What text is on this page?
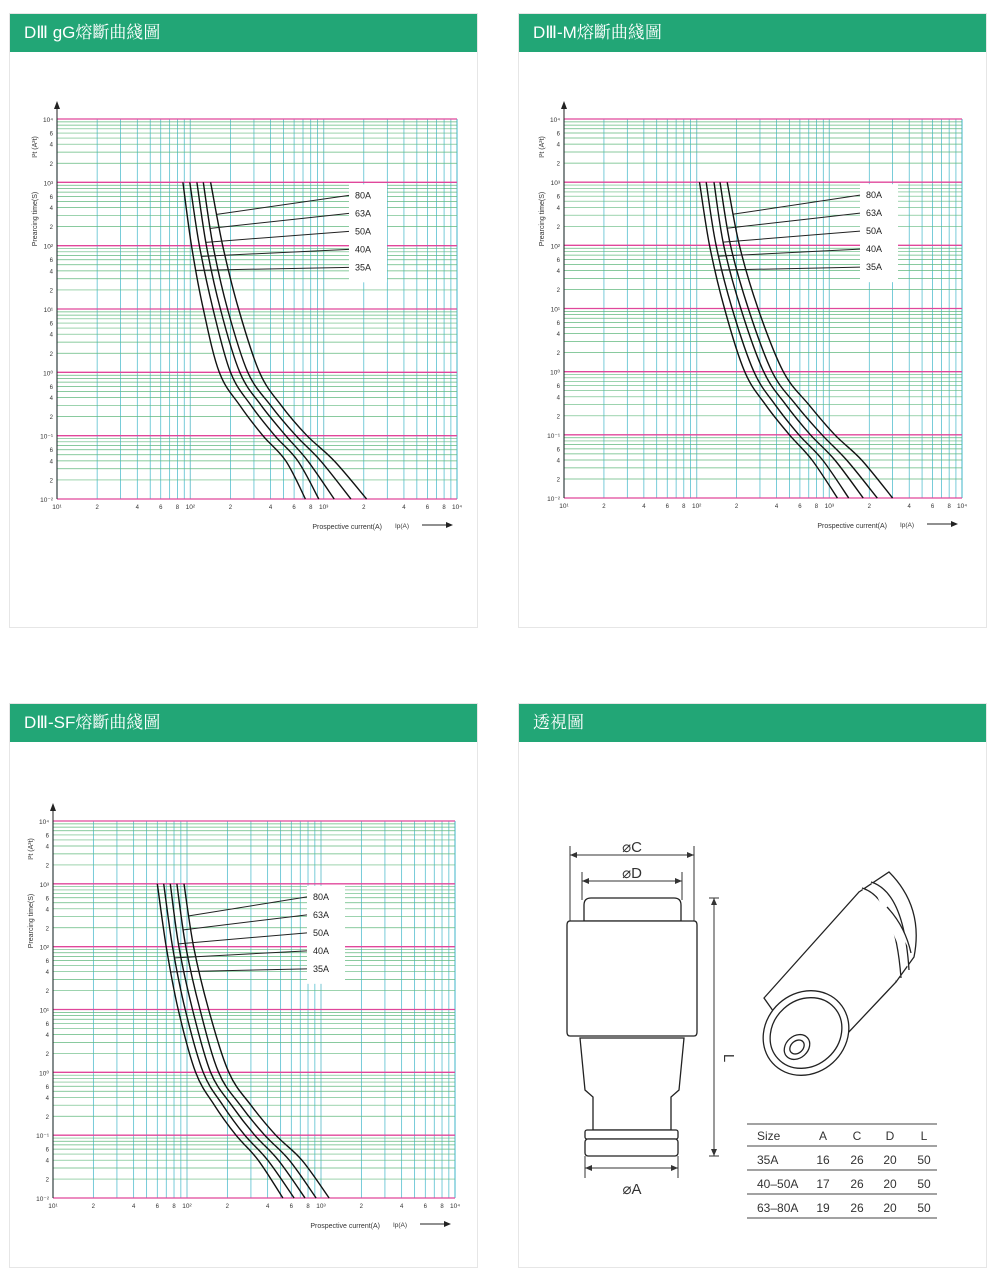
DⅢ gG熔斷曲綫圖
10⁻²
2
4
6
10⁻¹
2
4
6
10⁰
2
4
6
10¹
2
4
6
10²
2
4
6
10³
2
4
6
10⁴
10¹	2	4	6 8 10²	2	4	6 8 10³	2	4	6 8 10⁴
Prearcing time(S)
I²t (A²t)
Prospective current(A) Ip(A)
80A
63A
50A
40A
35A
DⅢ-M熔斷曲綫圖
10⁻²
2
4
6
10⁻¹
2
4
6
10⁰
2
4
6
10¹
2
4
6
10²
2
4
6
10³
2
4
6
10⁴
10¹	2	4	6 8 10²	2	4	6 8 10³	2	4	6 8 10⁴
Prearcing time(S)
I²t (A²t)
Prospective current(A) Ip(A)
80A
63A
50A
40A
35A
DⅢ-SF熔斷曲綫圖
10⁻²
2
4
6
10⁻¹
2
4
6
10⁰
2
4
6
10¹
2
4
6
10²
2
4
6
10³
2
4
6
10⁴
10¹	2	4	6 8 10²	2	4	6 8 10³	2	4	6 8 10⁴
Prearcing time(S)
I²t (A²t)
Prospective current(A) Ip(A)
80A
63A
50A
40A
35A
透視圖
⌀C
⌀D
⌀A
L
Size	A C D L
35A	16 26 20 50
40–50A 17 26 20 50
63–80A 19 26 20 50
